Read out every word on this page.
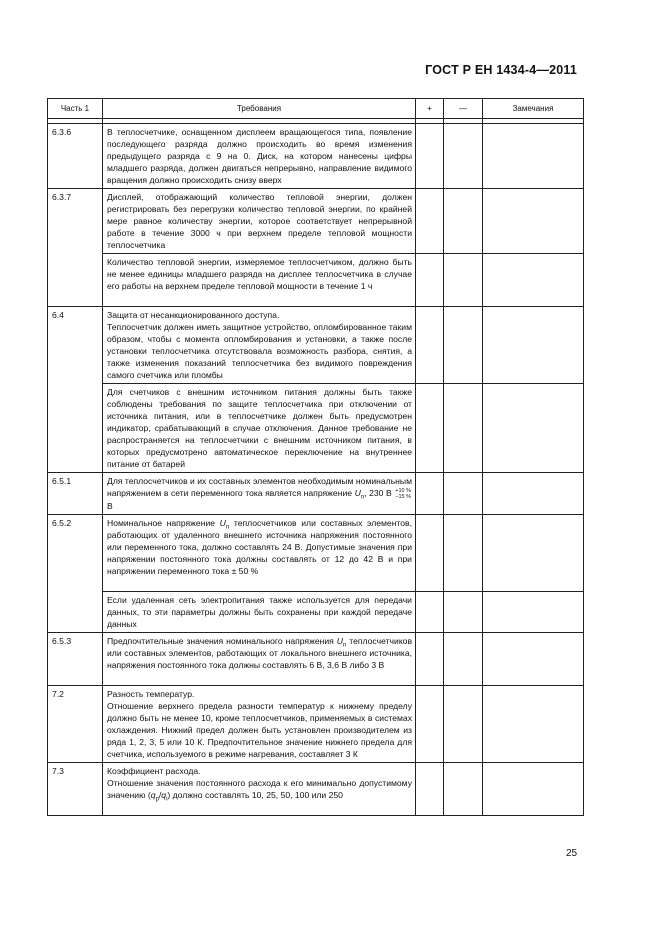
ГОСТ Р ЕН 1434-4—2011
Часть 1	Требования	+	—	Замечания

6.3.6	В теплосчетчике, оснащенном дисплеем вращающегося типа, появление последующего разряда должно происходить во время изменения предыдущего разряда с 9 на 0. Диск, на котором нанесены цифры младшего разряда, должен двигаться непрерывно, направление видимого вращения должно происходить снизу вверх			
6.3.7	Дисплей, отображающий количество тепловой энергии, должен регистрировать без перегрузки количество тепловой энергии, по крайней мере равное количеству энергии, которое соответствует непрерывной работе в течение 3000 ч при верхнем пределе тепловой мощности теплосчетчика			
	Количество тепловой энергии, измеряемое теплосчетчиком, должно быть не менее единицы младшего разряда на дисплее теплосчетчика в случае его работы на верхнем пределе тепловой мощности в течение 1 ч			
6.4	Защита от несанкционированного доступа.

Теплосчетчик должен иметь защитное устройство, опломбированное таким образом, чтобы с момента опломбирования и установки, а также после установки теплосчетчика отсутствовала возможность разбора, снятия, а также изменения показаний теплосчетчика без видимого повреждения самого счетчика или пломбы			

	Для счетчиков с внешним источником питания должны быть также соблюдены требования по защите теплосчетчика при отключении от источника питания, или в теплосчетчике должен быть предусмотрен индикатор, срабатывающий в случае отключения. Данное требование не распространяется на теплосчетчики с внешним источником питания, в которых предусмотрено автоматическое переключение на внутреннее питание от батарей			
6.5.1	Для теплосчетчиков и их составных элементов необходимым номинальным напряжением в сети переменного тока является напряжение $U_n$, 230 В +10 %
−15 %
В			
6.5.2	Номинальное напряжение $U_n$ теплосчетчиков или составных элементов, работающих от удаленного внешнего источника напряжения постоянного или переменного тока, должно составлять 24 В. Допустимые значения при напряжении постоянного тока должны составлять от 12 до 42 В и при напряжении переменного тока ± 50 %			
	Если удаленная сеть электропитания также используется для передачи данных, то эти параметры должны быть сохранены при каждой передаче данных			
6.5.3	Предпочтительные значения номинального напряжения $U_n$ теплосчетчиков или составных элементов, работающих от локального внешнего источника, напряжения постоянного тока должны составлять 6 В, 3,6 В либо 3 В			
7.2	Разность температур.

Отношение верхнего предела разности температур к нижнему пределу должно быть не менее 10, кроме теплосчетчиков, применяемых в системах охлаждения. Нижний предел должен быть установлен производителем из ряда 1, 2, 3, 5 или 10 К. Предпочтительное значение нижнего предела для счетчика, используемого в режиме нагревания, составляет 3 К			

7.3	Коэффициент расхода.

Отношение значения постоянного расхода к его минимально допустимому значению $(q_p/q_i)$ должно составлять 10, 25, 50, 100 или 250			

25
